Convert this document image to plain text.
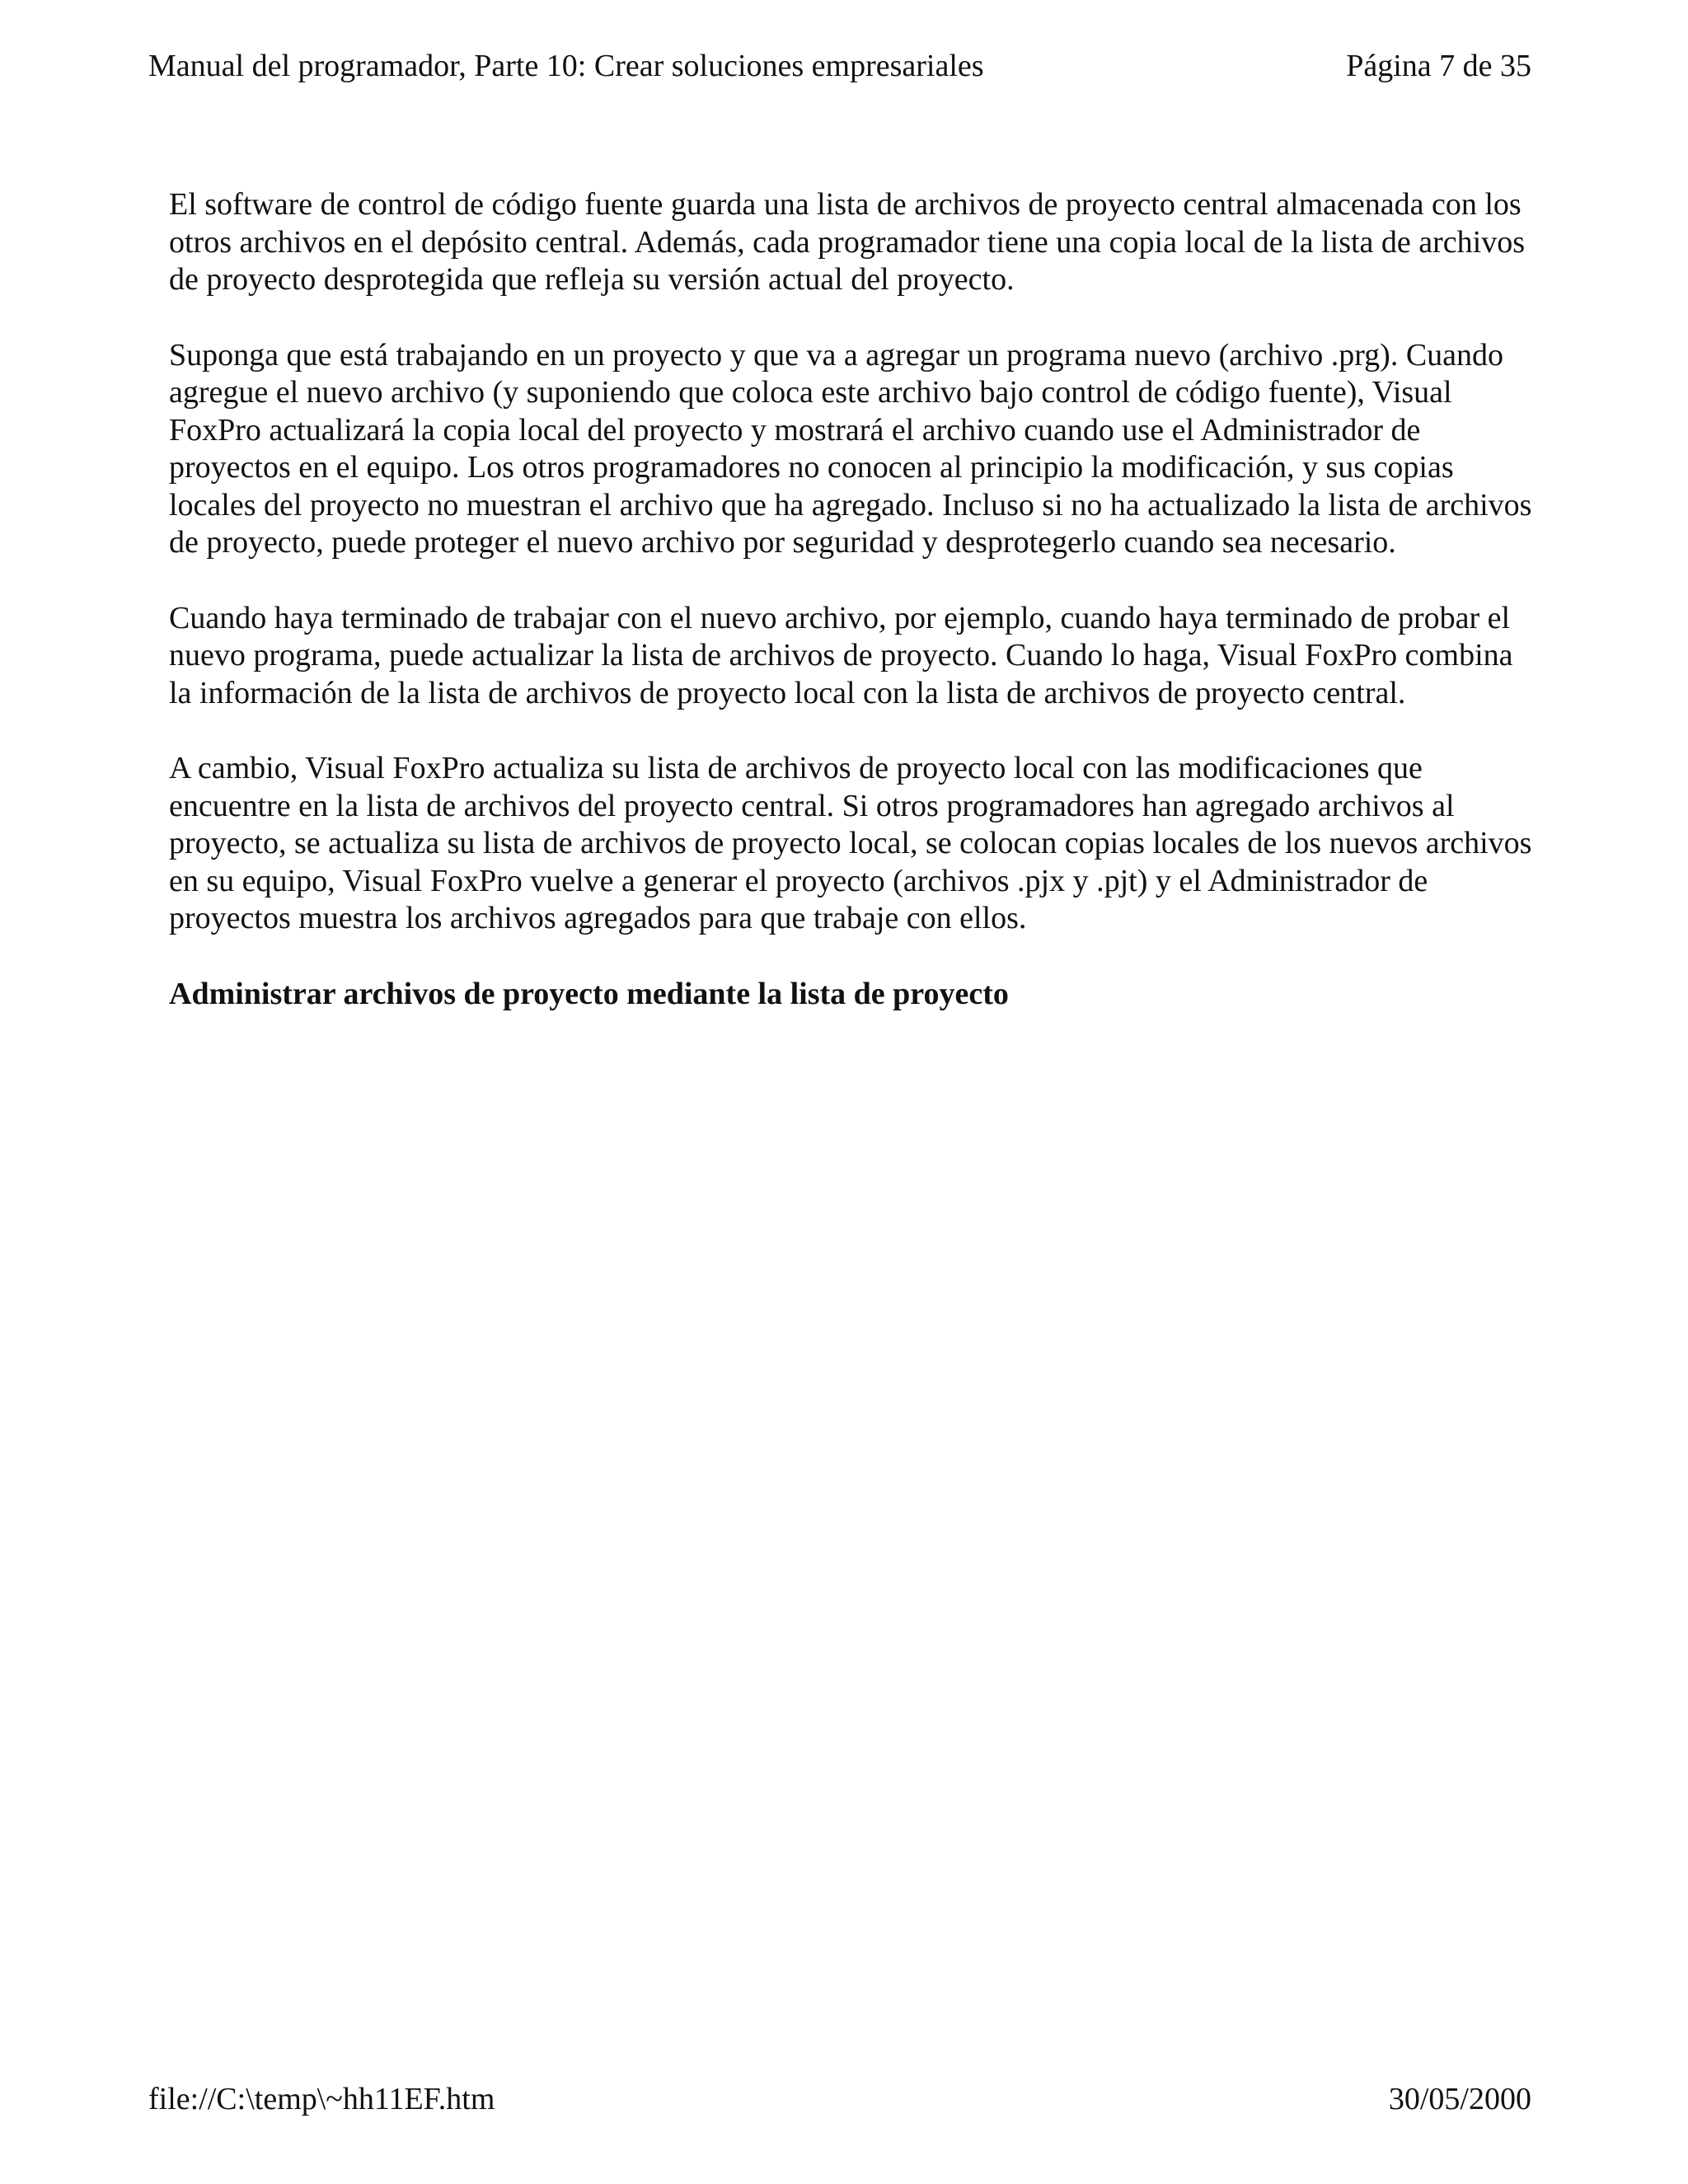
Manual del programador, Parte 10: Crear soluciones empresariales	Página 7 de 35

El software de control de código fuente guarda una lista de archivos de proyecto central almacenada con los otros archivos en el depósito central. Además, cada programador tiene una copia local de la lista de archivos de proyecto desprotegida que refleja su versión actual del proyecto.

Suponga que está trabajando en un proyecto y que va a agregar un programa nuevo (archivo .prg). Cuando agregue el nuevo archivo (y suponiendo que coloca este archivo bajo control de código fuente), Visual FoxPro actualizará la copia local del proyecto y mostrará el archivo cuando use el Administrador de proyectos en el equipo. Los otros programadores no conocen al principio la modificación, y sus copias locales del proyecto no muestran el archivo que ha agregado. Incluso si no ha actualizado la lista de archivos de proyecto, puede proteger el nuevo archivo por seguridad y desprotegerlo cuando sea necesario.

Cuando haya terminado de trabajar con el nuevo archivo, por ejemplo, cuando haya terminado de probar el nuevo programa, puede actualizar la lista de archivos de proyecto. Cuando lo haga, Visual FoxPro combina la información de la lista de archivos de proyecto local con la lista de archivos de proyecto central.

A cambio, Visual FoxPro actualiza su lista de archivos de proyecto local con las modificaciones que encuentre en la lista de archivos del proyecto central. Si otros programadores han agregado archivos al proyecto, se actualiza su lista de archivos de proyecto local, se colocan copias locales de los nuevos archivos en su equipo, Visual FoxPro vuelve a generar el proyecto (archivos .pjx y .pjt) y el Administrador de proyectos muestra los archivos agregados para que trabaje con ellos.

Administrar archivos de proyecto mediante la lista de proyecto
file://C:\temp\~hh11EF.htm	30/05/2000
